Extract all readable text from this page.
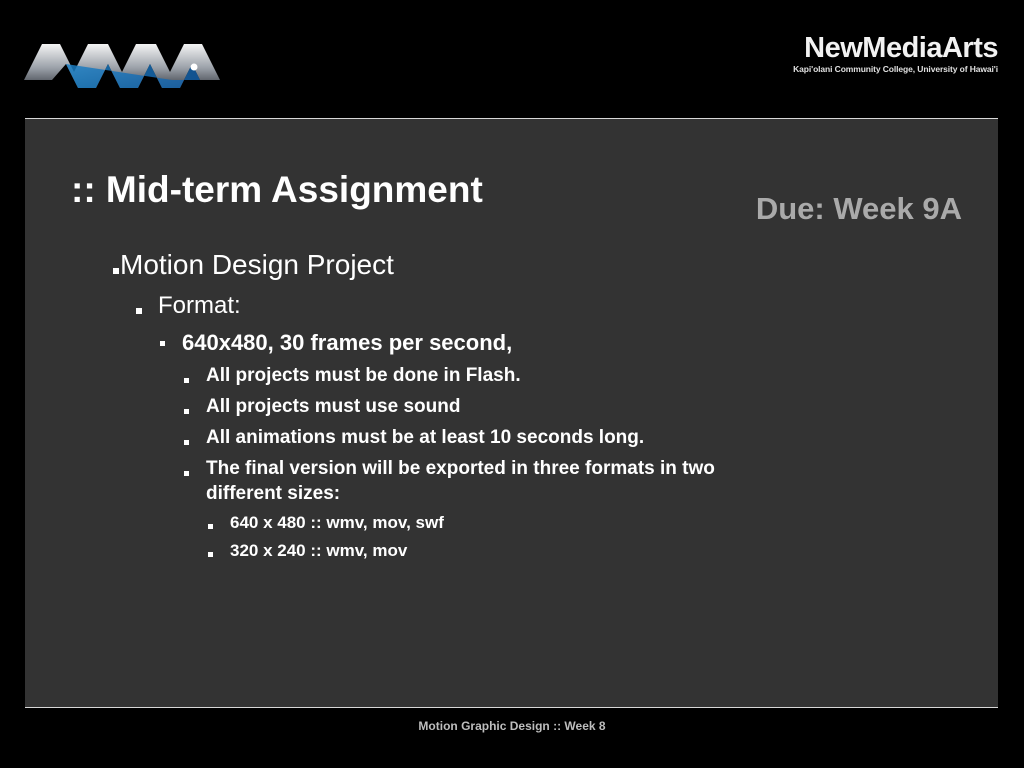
NewMediaArts
Kapi'olani Community College, University of Hawai'i
:: Mid-term Assignment	Due: Week 9A
Motion Design Project
Format:
640x480, 30 frames per second,
All projects must be done in Flash.
All projects must use sound
All animations must be at least 10 seconds long.
The final version will be exported in three formats in two
different sizes:
640 x 480 :: wmv, mov, swf
320 x 240 :: wmv, mov
Motion Graphic Design :: Week 8
